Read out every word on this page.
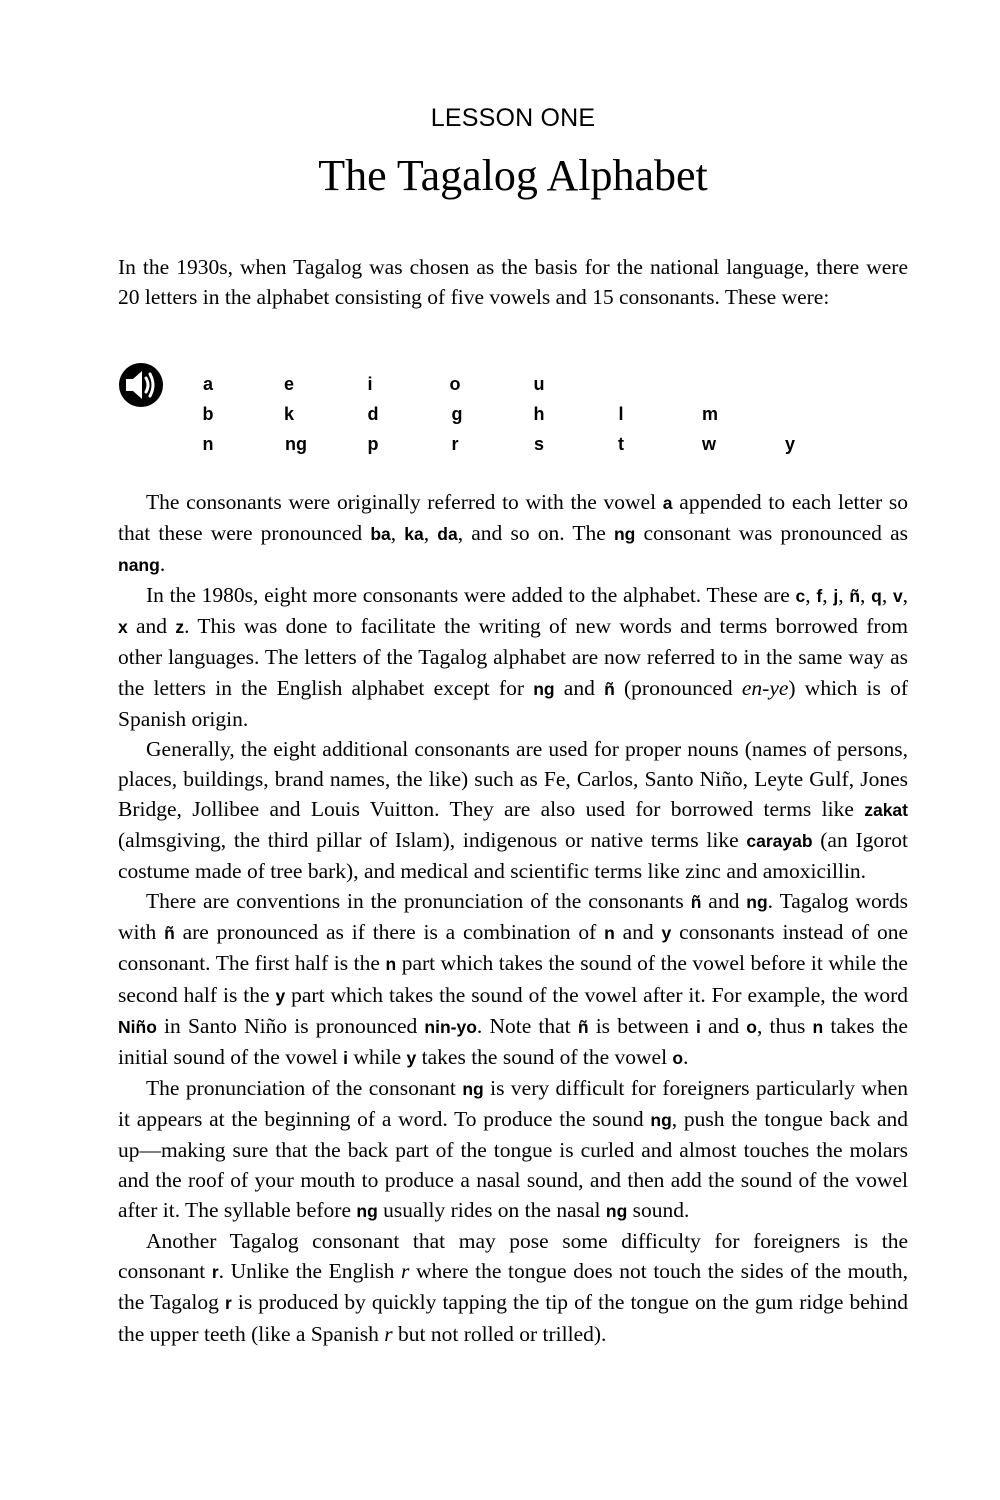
LESSON ONE
The Tagalog Alphabet

In the 1930s, when Tagalog was chosen as the basis for the national language, there were 20 letters in the alphabet consisting of five vowels and 15 consonants. These were:

a	e	i	o	u
b	k	d	g	h	l	m
n	ng	p	r	s	t	w	y

The consonants were originally referred to with the vowel a appended to each letter so that these were pronounced ba, ka, da, and so on. The ng consonant was pronounced as nang.

In the 1980s, eight more consonants were added to the alphabet. These are c, f, j, ñ, q, v, x and z. This was done to facilitate the writing of new words and terms borrowed from other languages. The letters of the Tagalog alphabet are now referred to in the same way as the letters in the English alphabet except for ng and ñ (pronounced en-ye) which is of Spanish origin.

Generally, the eight additional consonants are used for proper nouns (names of persons, places, buildings, brand names, the like) such as Fe, Carlos, Santo Niño, Leyte Gulf, Jones Bridge, Jollibee and Louis Vuitton. They are also used for borrowed terms like zakat (almsgiving, the third pillar of Islam), indigenous or native terms like carayab (an Igorot costume made of tree bark), and medical and scientific terms like zinc and amoxicillin.

There are conventions in the pronunciation of the consonants ñ and ng. Tagalog words with ñ are pronounced as if there is a combination of n and y consonants instead of one consonant. The first half is the n part which takes the sound of the vowel before it while the second half is the y part which takes the sound of the vowel after it. For example, the word Niño in Santo Niño is pronounced nin-yo. Note that ñ is between i and o, thus n takes the initial sound of the vowel i while y takes the sound of the vowel o.

The pronunciation of the consonant ng is very difficult for foreigners particularly when it appears at the beginning of a word. To produce the sound ng, push the tongue back and up—making sure that the back part of the tongue is curled and almost touches the molars and the roof of your mouth to produce a nasal sound, and then add the sound of the vowel after it. The syllable before ng usually rides on the nasal ng sound.

Another Tagalog consonant that may pose some difficulty for foreigners is the consonant r. Unlike the English r where the tongue does not touch the sides of the mouth, the Tagalog r is produced by quickly tapping the tip of the tongue on the gum ridge behind the upper teeth (like a Spanish r but not rolled or trilled).
